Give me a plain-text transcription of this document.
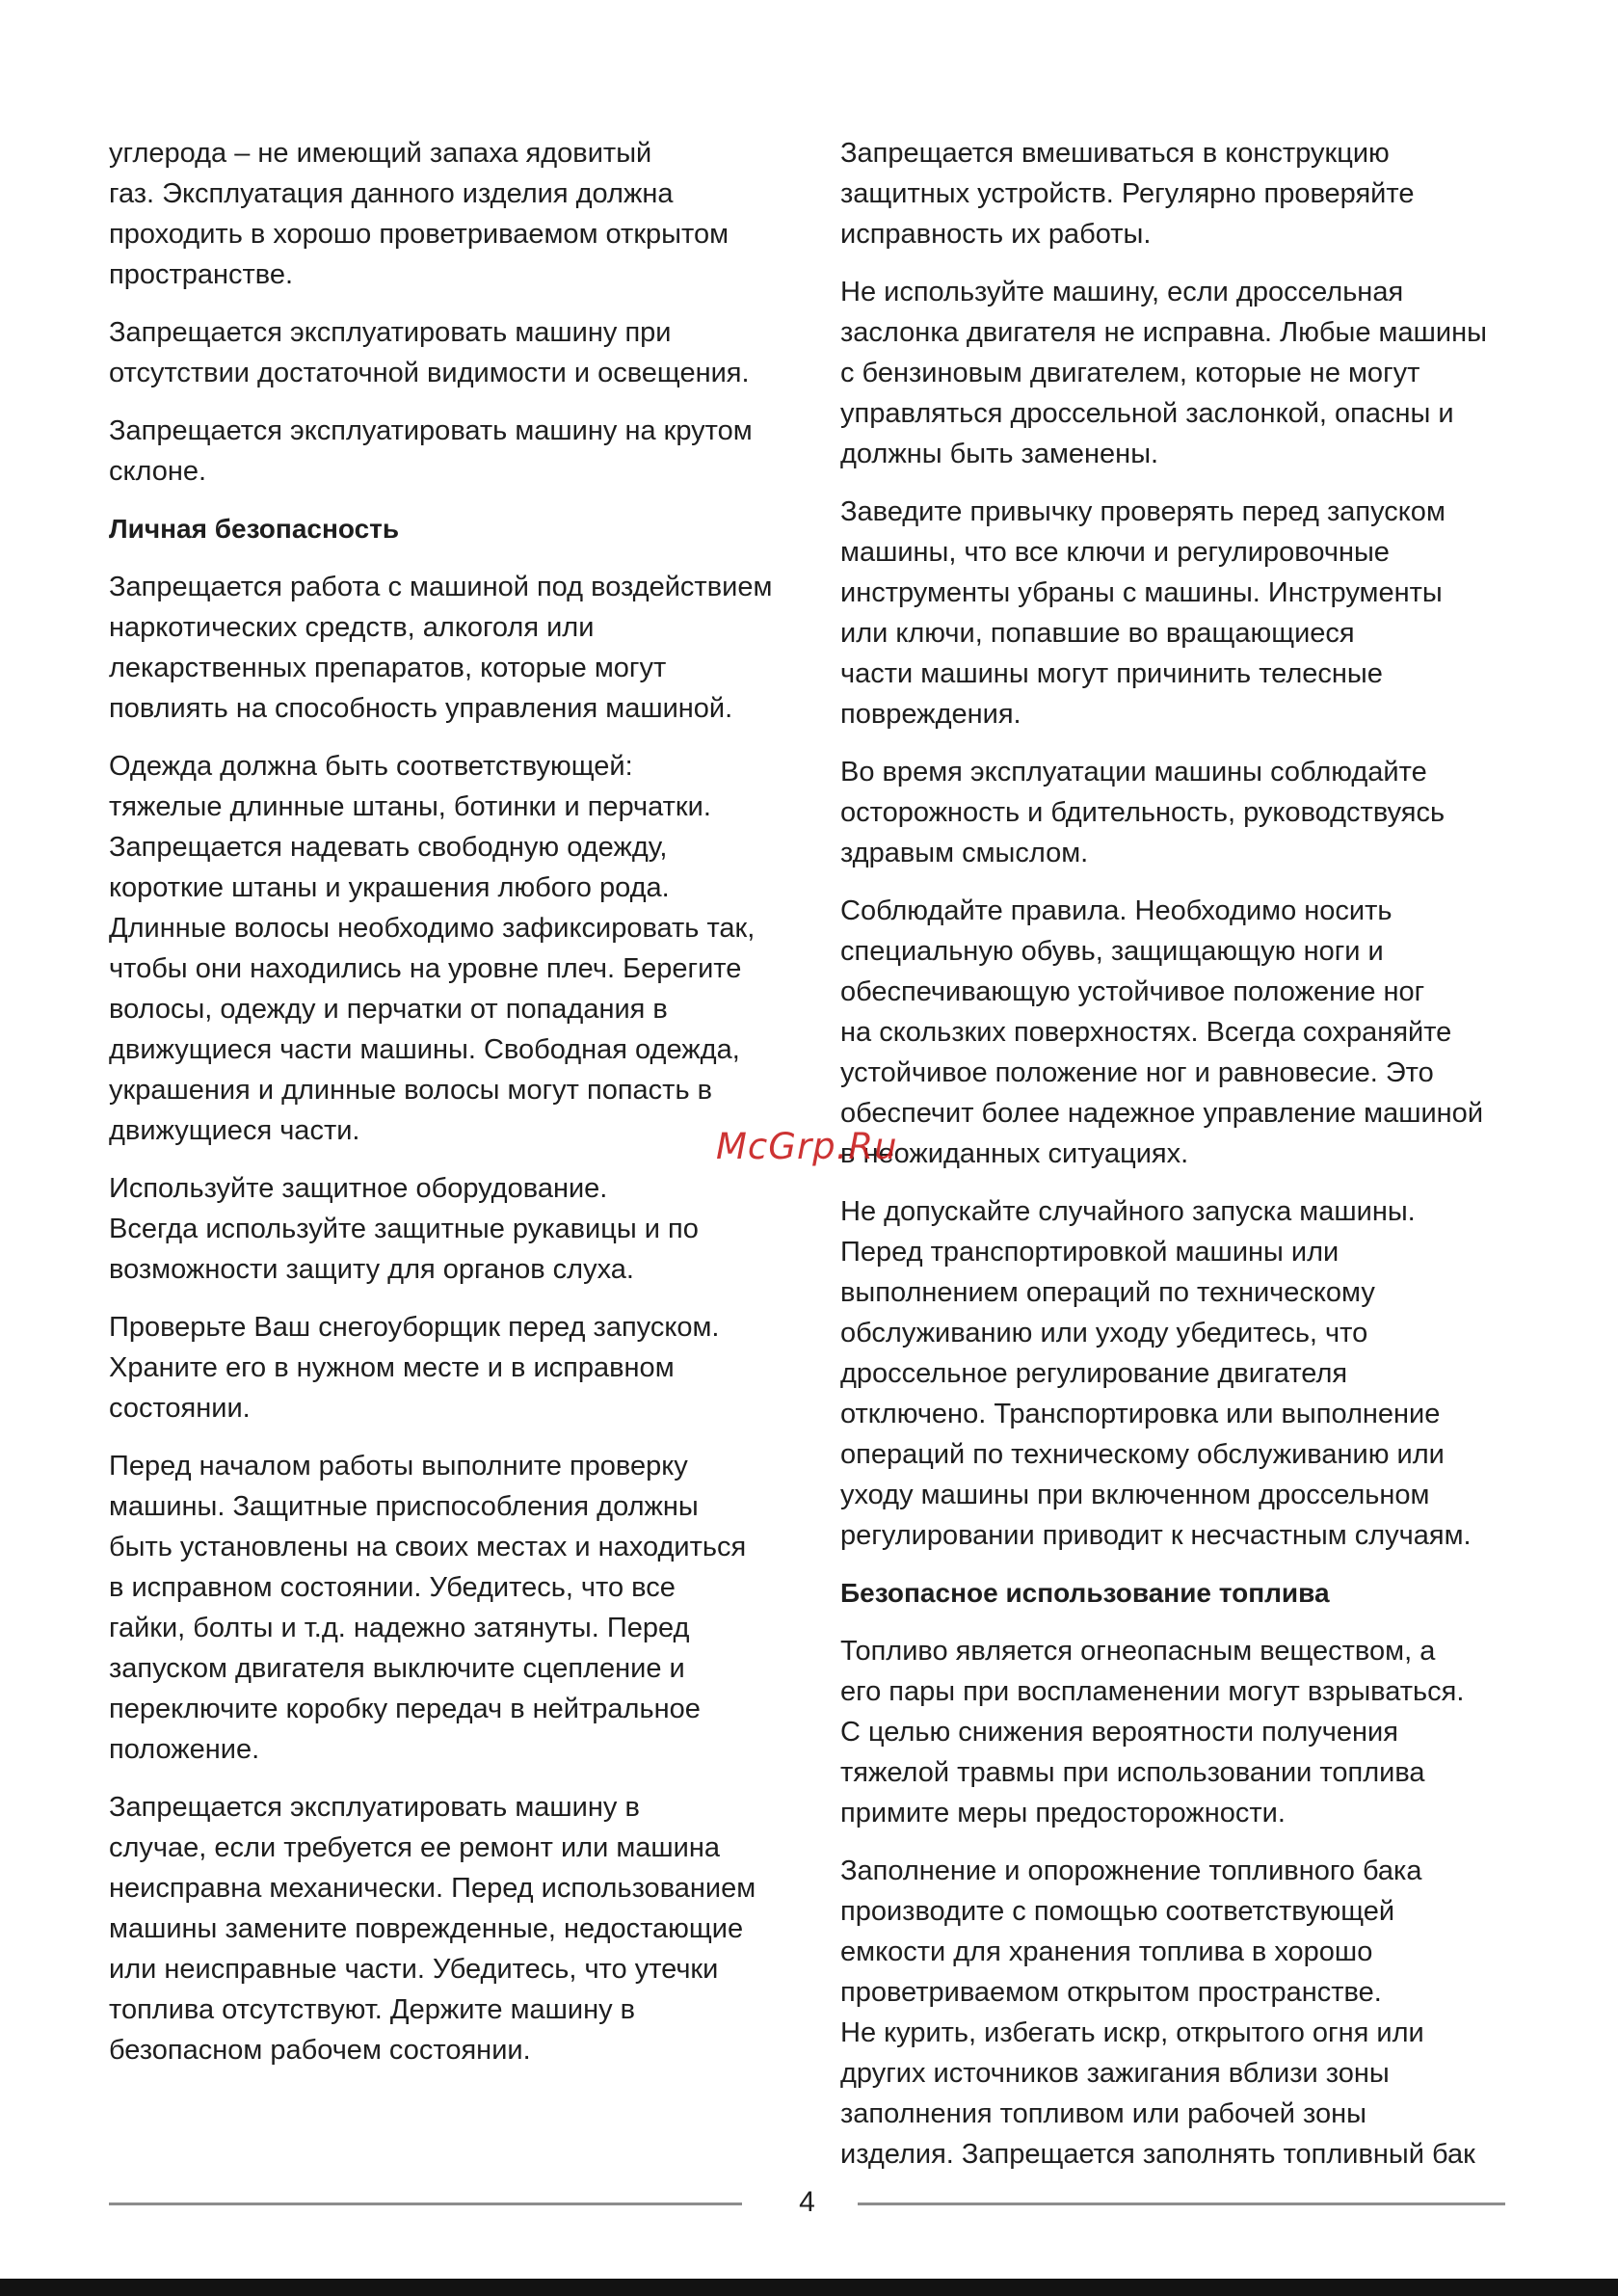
углерода – не имеющий запаха ядовитый
газ. Эксплуатация данного изделия должна
проходить в хорошо проветриваемом открытом
пространстве.

Запрещается эксплуатировать машину при
отсутствии достаточной видимости и освещения.

Запрещается эксплуатировать машину на крутом
склоне.

Личная безопасность

Запрещается работа с машиной под воздействием
наркотических средств, алкоголя или
лекарственных препаратов, которые могут
повлиять на способность управления машиной.

Одежда должна быть соответствующей:
тяжелые длинные штаны, ботинки и перчатки.
Запрещается надевать свободную одежду,
короткие штаны и украшения любого рода.
Длинные волосы необходимо зафиксировать так,
чтобы они находились на уровне плеч. Берегите
волосы, одежду и перчатки от попадания в
движущиеся части машины. Свободная одежда,
украшения и длинные волосы могут попасть в
движущиеся части.

Используйте защитное оборудование.
Всегда используйте защитные рукавицы и по
возможности защиту для органов слуха.

Проверьте Ваш снегоуборщик перед запуском.
Храните его в нужном месте и в исправном
состоянии.

Перед началом работы выполните проверку
машины. Защитные приспособления должны
быть установлены на своих местах и находиться
в исправном состоянии. Убедитесь, что все
гайки, болты и т.д. надежно затянуты. Перед
запуском двигателя выключите сцепление и
переключите коробку передач в нейтральное
положение.

Запрещается эксплуатировать машину в
случае, если требуется ее ремонт или машина
неисправна механически. Перед использованием
машины замените поврежденные, недостающие
или неисправные части. Убедитесь, что утечки
топлива отсутствуют. Держите машину в
безопасном рабочем состоянии.

Запрещается вмешиваться в конструкцию
защитных устройств. Регулярно проверяйте
исправность их работы.

Не используйте машину, если дроссельная
заслонка двигателя не исправна. Любые машины
с бензиновым двигателем, которые не могут
управляться дроссельной заслонкой, опасны и
должны быть заменены.

Заведите привычку проверять перед запуском
машины, что все ключи и регулировочные
инструменты убраны с машины. Инструменты
или ключи, попавшие во вращающиеся
части машины могут причинить телесные
повреждения.

Во время эксплуатации машины соблюдайте
осторожность и бдительность, руководствуясь
здравым смыслом.

Соблюдайте правила. Необходимо носить
специальную обувь, защищающую ноги и
обеспечивающую устойчивое положение ног
на скользких поверхностях. Всегда сохраняйте
устойчивое положение ног и равновесие. Это
обеспечит более надежное управление машиной
в неожиданных ситуациях.

Не допускайте случайного запуска машины.
Перед транспортировкой машины или
выполнением операций по техническому
обслуживанию или уходу убедитесь, что
дроссельное регулирование двигателя
отключено. Транспортировка или выполнение
операций по техническому обслуживанию или
уходу машины при включенном дроссельном
регулировании приводит к несчастным случаям.

Безопасное использование топлива

Топливо является огнеопасным веществом, а
его пары при воспламенении могут взрываться.
С целью снижения вероятности получения
тяжелой травмы при использовании топлива
примите меры предосторожности.

Заполнение и опорожнение топливного бака
производите с помощью соответствующей
емкости для хранения топлива в хорошо
проветриваемом открытом пространстве.
Не курить, избегать искр, открытого огня или
других источников зажигания вблизи зоны
заполнения топливом или рабочей зоны
изделия. Запрещается заполнять топливный бак

McGrp.Ru
4
